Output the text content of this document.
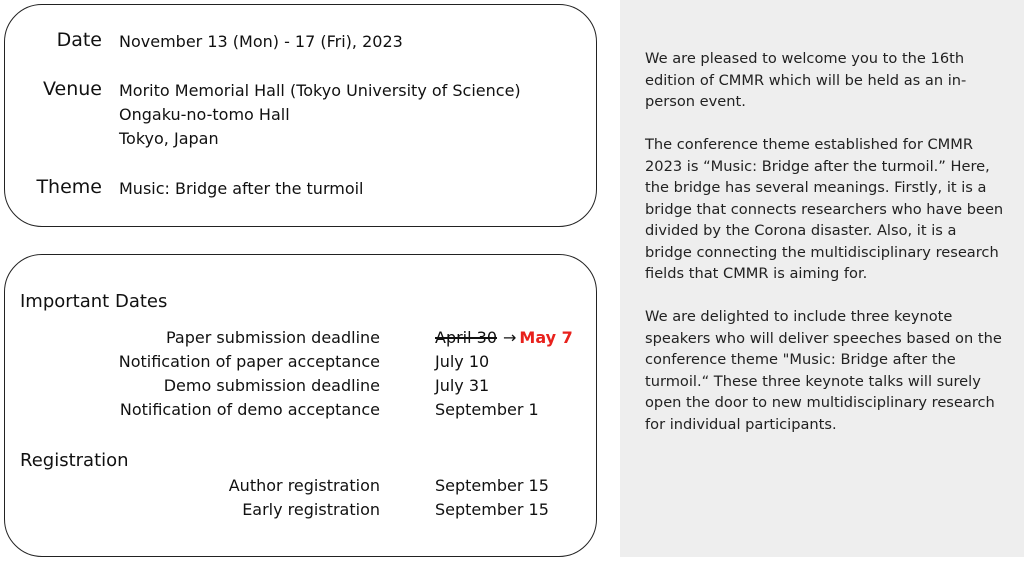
Date November 13 (Mon) - 17 (Fri), 2023
Venue Morito Memorial Hall (Tokyo University of Science)
Ongaku-no-tomo Hall
Tokyo, Japan
Theme Music: Bridge after the turmoil
Important Dates
Paper submission deadline	April 30 → May 7
Notification of paper acceptance	July 10
Demo submission deadline	July 31
Notification of demo acceptance	September 1
Registration
Author registration	September 15
Early registration	September 15

We are pleased to welcome you to the 16th edition of CMMR which will be held as an in-person event.

The conference theme established for CMMR 2023 is “Music: Bridge after the turmoil.” Here, the bridge has several meanings. Firstly, it is a bridge that connects researchers who have been divided by the Corona disaster. Also, it is a bridge connecting the multidisciplinary research fields that CMMR is aiming for.

We are delighted to include three keynote speakers who will deliver speeches based on the conference theme "Music: Bridge after the turmoil.“ These three keynote talks will surely open the door to new multidisciplinary research for individual participants.
